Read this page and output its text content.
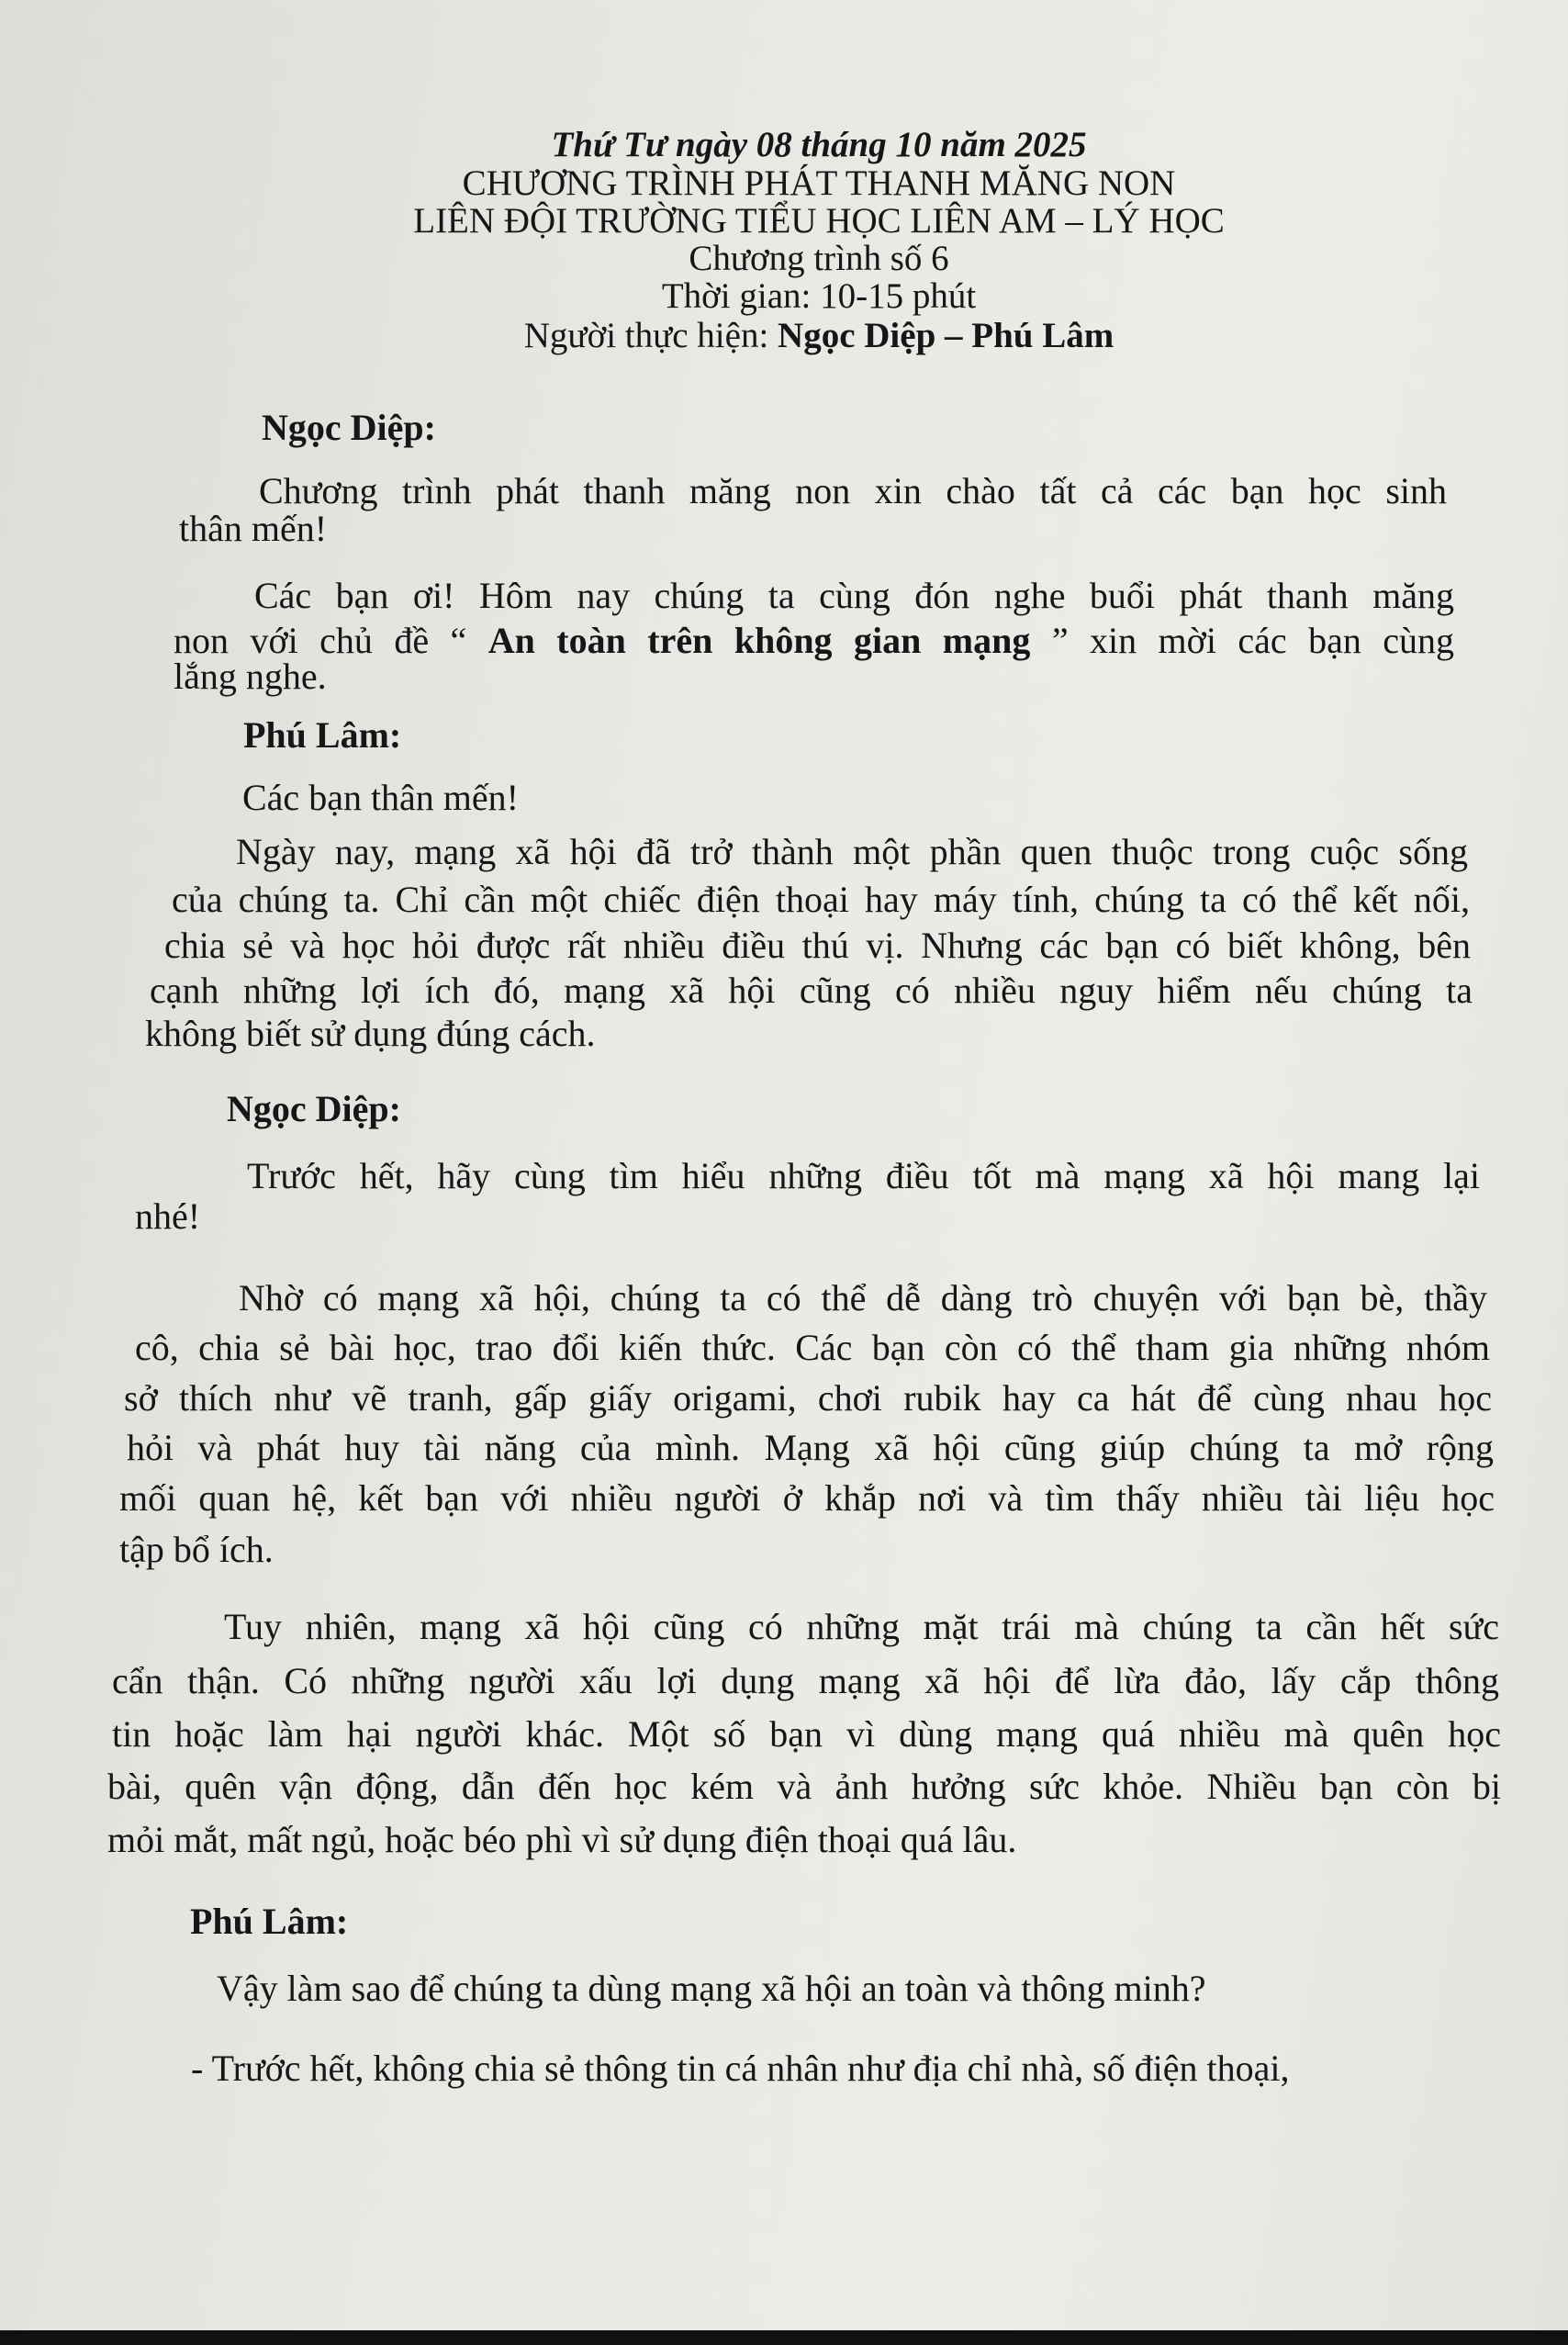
Thứ Tư ngày 08 tháng 10 năm 2025
CHƯƠNG TRÌNH PHÁT THANH MĂNG NON
LIÊN ĐỘI TRƯỜNG TIỂU HỌC LIÊN AM – LÝ HỌC
Chương trình số 6
Thời gian: 10-15 phút
Người thực hiện: Ngọc Diệp – Phú Lâm
Ngọc Diệp:
Chương trình phát thanh măng non xin chào tất cả các bạn học sinh
thân mến!
Các bạn ơi! Hôm nay chúng ta cùng đón nghe buổi phát thanh măng
non với chủ đề “ An toàn trên không gian mạng ” xin mời các bạn cùng
lắng nghe.
Phú Lâm:
Các bạn thân mến!
Ngày nay, mạng xã hội đã trở thành một phần quen thuộc trong cuộc sống
của chúng ta. Chỉ cần một chiếc điện thoại hay máy tính, chúng ta có thể kết nối,
chia sẻ và học hỏi được rất nhiều điều thú vị. Nhưng các bạn có biết không, bên
cạnh những lợi ích đó, mạng xã hội cũng có nhiều nguy hiểm nếu chúng ta
không biết sử dụng đúng cách.
Ngọc Diệp:
Trước hết, hãy cùng tìm hiểu những điều tốt mà mạng xã hội mang lại
nhé!
Nhờ có mạng xã hội, chúng ta có thể dễ dàng trò chuyện với bạn bè, thầy
cô, chia sẻ bài học, trao đổi kiến thức. Các bạn còn có thể tham gia những nhóm
sở thích như vẽ tranh, gấp giấy origami, chơi rubik hay ca hát để cùng nhau học
hỏi và phát huy tài năng của mình. Mạng xã hội cũng giúp chúng ta mở rộng
mối quan hệ, kết bạn với nhiều người ở khắp nơi và tìm thấy nhiều tài liệu học
tập bổ ích.
Tuy nhiên, mạng xã hội cũng có những mặt trái mà chúng ta cần hết sức
cẩn thận. Có những người xấu lợi dụng mạng xã hội để lừa đảo, lấy cắp thông
tin hoặc làm hại người khác. Một số bạn vì dùng mạng quá nhiều mà quên học
bài, quên vận động, dẫn đến học kém và ảnh hưởng sức khỏe. Nhiều bạn còn bị
mỏi mắt, mất ngủ, hoặc béo phì vì sử dụng điện thoại quá lâu.
Phú Lâm:
Vậy làm sao để chúng ta dùng mạng xã hội an toàn và thông minh?
- Trước hết, không chia sẻ thông tin cá nhân như địa chỉ nhà, số điện thoại,
